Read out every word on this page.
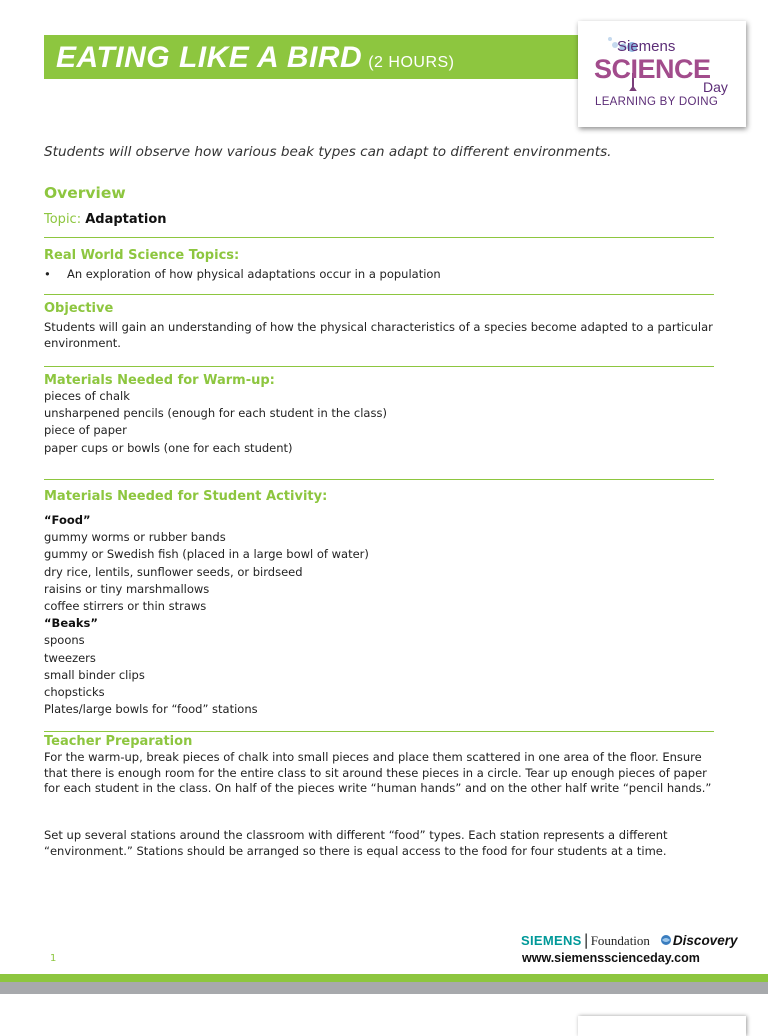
EATING LIKE A BIRD (2 HOURS)
Siemens
SCIENCE
Day
LEARNING BY DOING
Students will observe how various beak types can adapt to different environments.
Overview
Topic: Adaptation
Real World Science Topics:
• An exploration of how physical adaptations occur in a population
Objective
Students will gain an understanding of how the physical characteristics of a species become adapted to a particular environment.
Materials Needed for Warm-up:
pieces of chalk
unsharpened pencils (enough for each student in the class)
piece of paper
paper cups or bowls (one for each student)
Materials Needed for Student Activity:
“Food”
gummy worms or rubber bands
gummy or Swedish fish (placed in a large bowl of water)
dry rice, lentils, sunflower seeds, or birdseed
raisins or tiny marshmallows
coffee stirrers or thin straws
“Beaks”
spoons
tweezers
small binder clips
chopsticks
Plates/large bowls for “food” stations
Teacher Preparation
For the warm-up, break pieces of chalk into small pieces and place them scattered in one area of the floor. Ensure that there is enough room for the entire class to sit around these pieces in a circle. Tear up enough pieces of paper for each student in the class. On half of the pieces write “human hands” and on the other half write “pencil hands.”
Set up several stations around the classroom with different “food” types. Each station represents a different “environment.” Stations should be arranged so there is equal access to the food for four students at a time.
SIEMENS | Foundation Discovery
www.siemensscienceday.com
1
